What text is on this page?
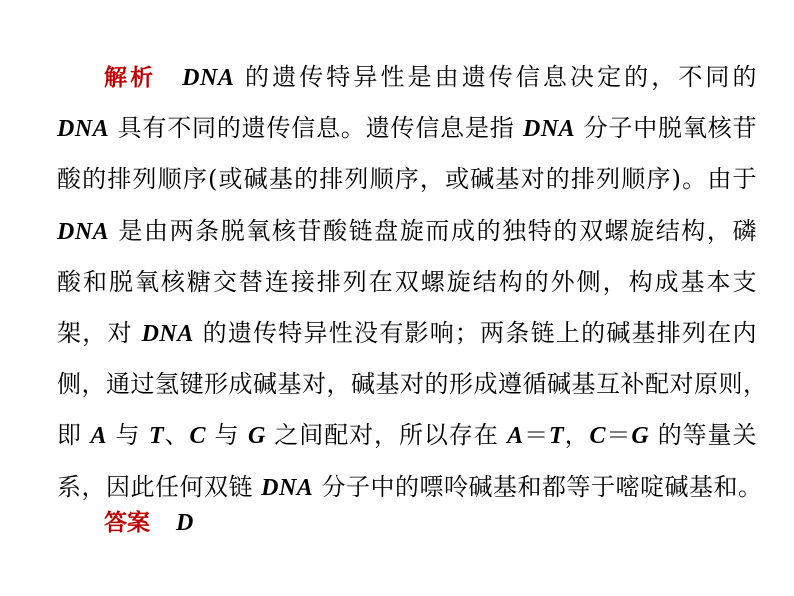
解析 DNA 的遗传特异性是由遗传信息决定的，不同的
DNA 具有不同的遗传信息。遗传信息是指 DNA 分子中脱氧核苷
酸的排列顺序(或碱基的排列顺序，或碱基对的排列顺序)。由于
DNA 是由两条脱氧核苷酸链盘旋而成的独特的双螺旋结构，磷
酸和脱氧核糖交替连接排列在双螺旋结构的外侧，构成基本支
架，对 DNA 的遗传特异性没有影响；两条链上的碱基排列在内
侧，通过氢键形成碱基对，碱基对的形成遵循碱基互补配对原则，
即 A 与 T、C 与 G 之间配对，所以存在 A＝T，C＝G 的等量关
系，因此任何双链 DNA 分子中的嘌呤碱基和都等于嘧啶碱基和。
答案 D
